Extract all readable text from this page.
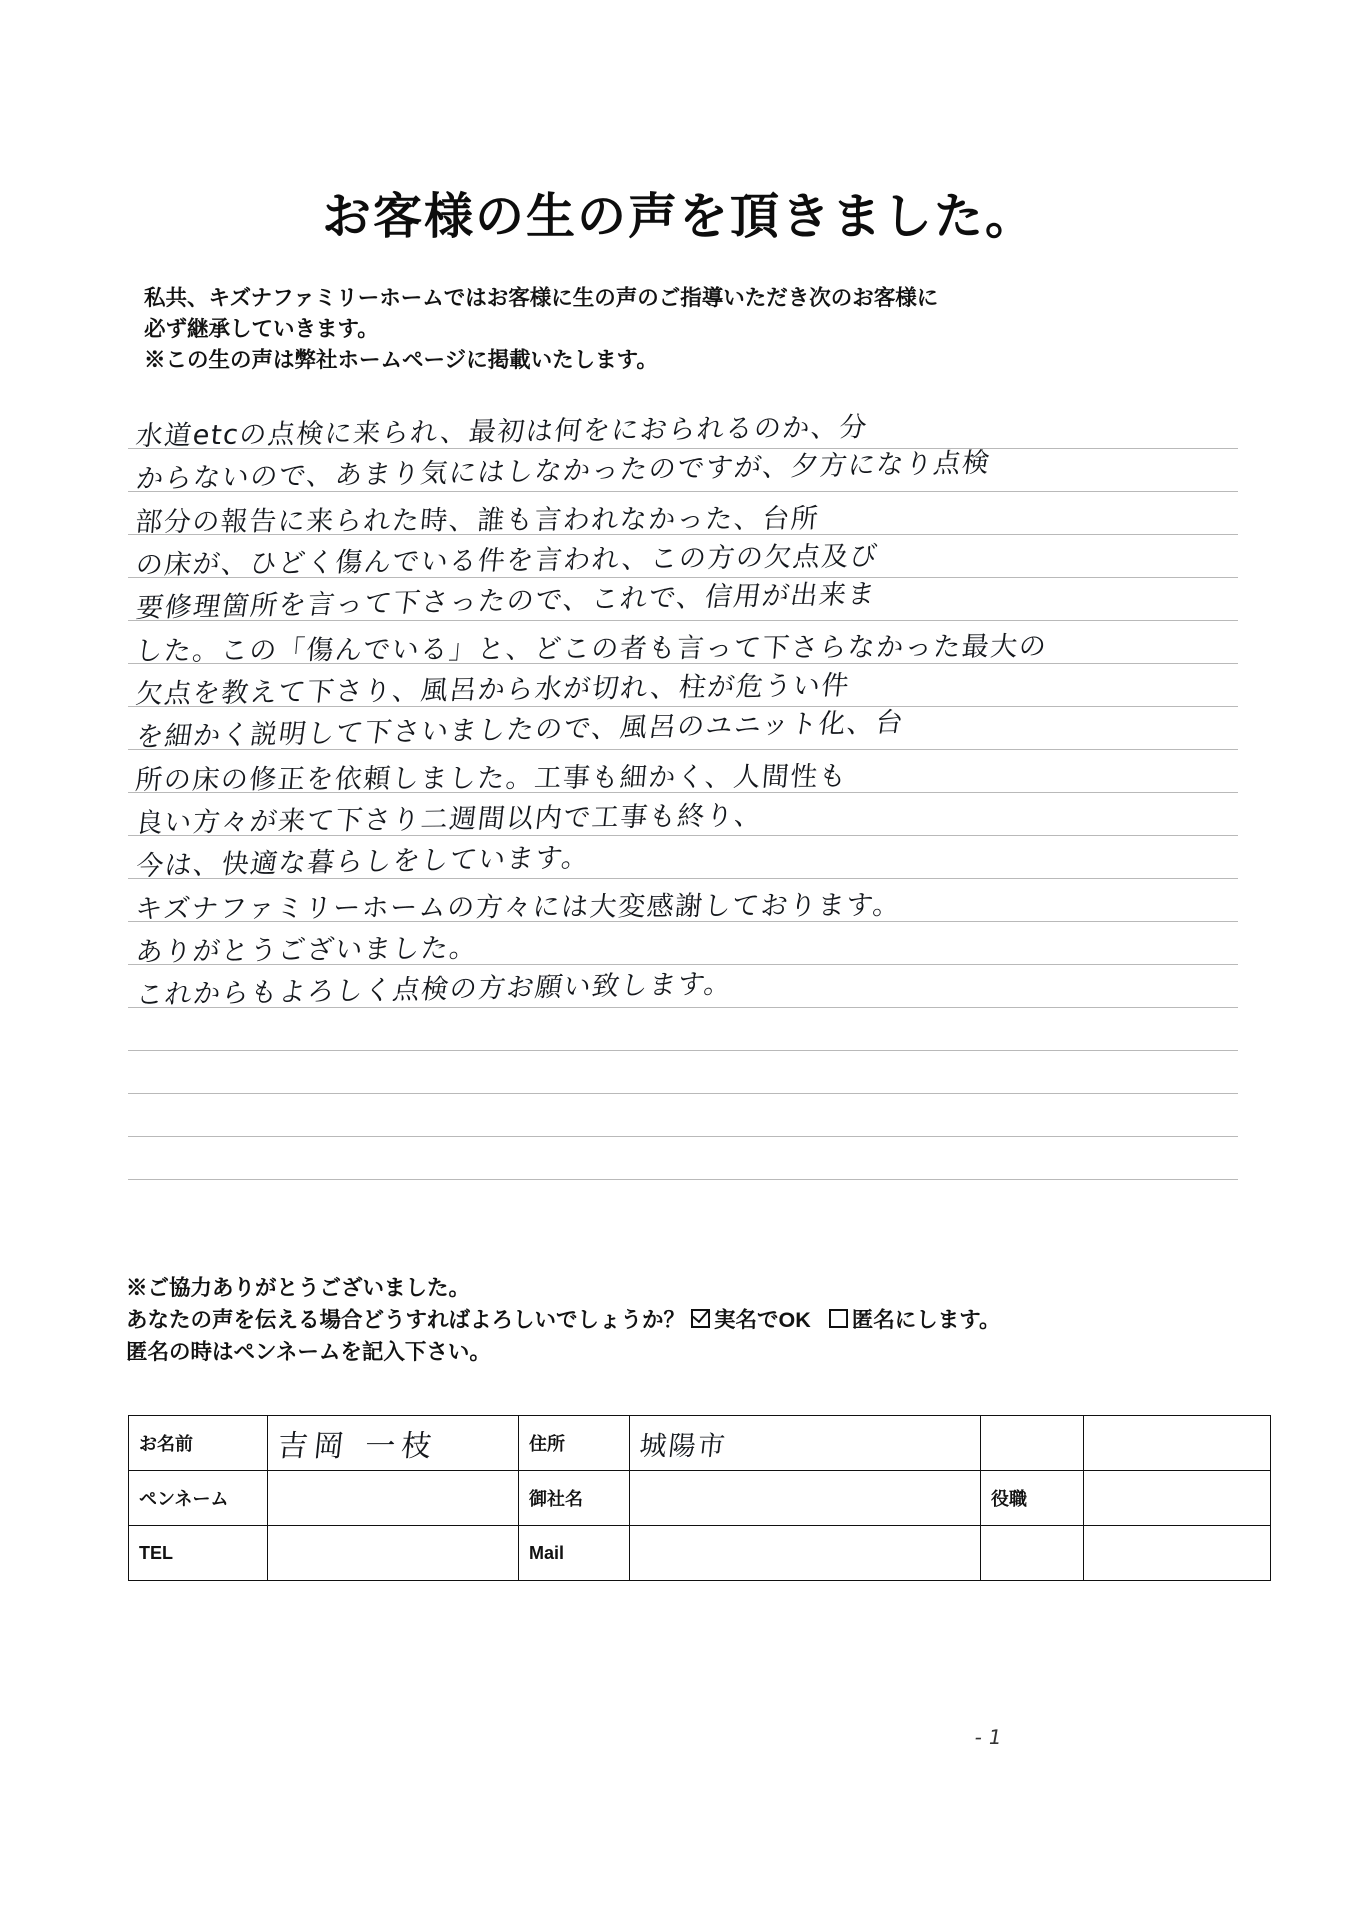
お客様の生の声を頂きました。
私共、キズナファミリーホームではお客様に生の声のご指導いただき次のお客様に
必ず継承していきます。
※この生の声は弊社ホームページに掲載いたします。
水道etcの点検に来られ、最初は何をにおられるのか、分
からないので、あまり気にはしなかったのですが、夕方になり点検
部分の報告に来られた時、誰も言われなかった、台所
の床が、ひどく傷んでいる件を言われ、この方の欠点及び
要修理箇所を言って下さったので、これで、信用が出来ま
した。この「傷んでいる」と、どこの者も言って下さらなかった最大の
欠点を教えて下さり、風呂から水が切れ、柱が危うい件
を細かく説明して下さいましたので、風呂のユニット化、台
所の床の修正を依頼しました。工事も細かく、人間性も
良い方々が来て下さり二週間以内で工事も終り、
今は、快適な暮らしをしています。
キズナファミリーホームの方々には大変感謝しております。
ありがとうございました。
これからもよろしく点検の方お願い致します。
※ご協力ありがとうございました。
あなたの声を伝える場合どうすればよろしいでしょうか？ 実名でOK 匿名にします。
匿名の時はペンネームを記入下さい。
お名前	吉岡 一枝	住所	城陽市		
ペンネーム		御社名		役職	
TEL		Mail			
- 1
